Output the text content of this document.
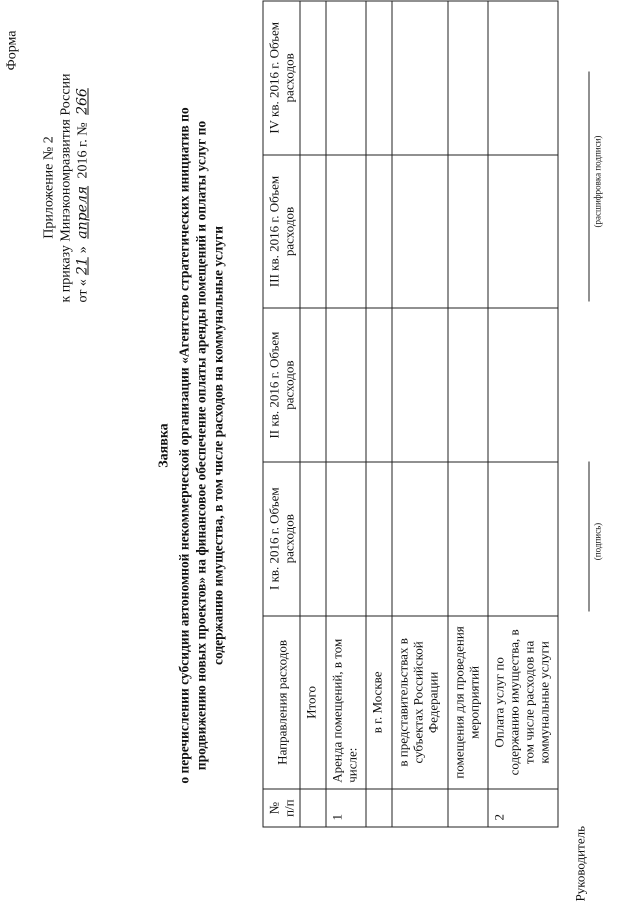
Форма
Приложение № 2 к приказу Минэкономразвития России от «21» апреля 2016 г. № 266
Заявка о перечислении субсидии автономной некоммерческой организации «Агентство стратегических инициатив по продвижению новых проектов» на финансовое обеспечение оплаты аренды помещений и оплаты услуг по содержанию имущества, в том числе расходов на коммунальные услуги
№ п/п	Направления расходов	I кв. 2016 г. Объем расходов	II кв. 2016 г. Объем расходов	III кв. 2016 г. Объем расходов	IV кв. 2016 г. Объем расходов
	Итого				
1	Аренда помещений, в том числе:				
	в г. Москве				
	в представительствах в субъектах Российской Федерации				
	помещения для проведения мероприятий				
2	Оплата услуг по содержанию имущества, в том числе расходов на коммунальные услуги				
Руководитель
(подпись)
(расшифровка подписи)
